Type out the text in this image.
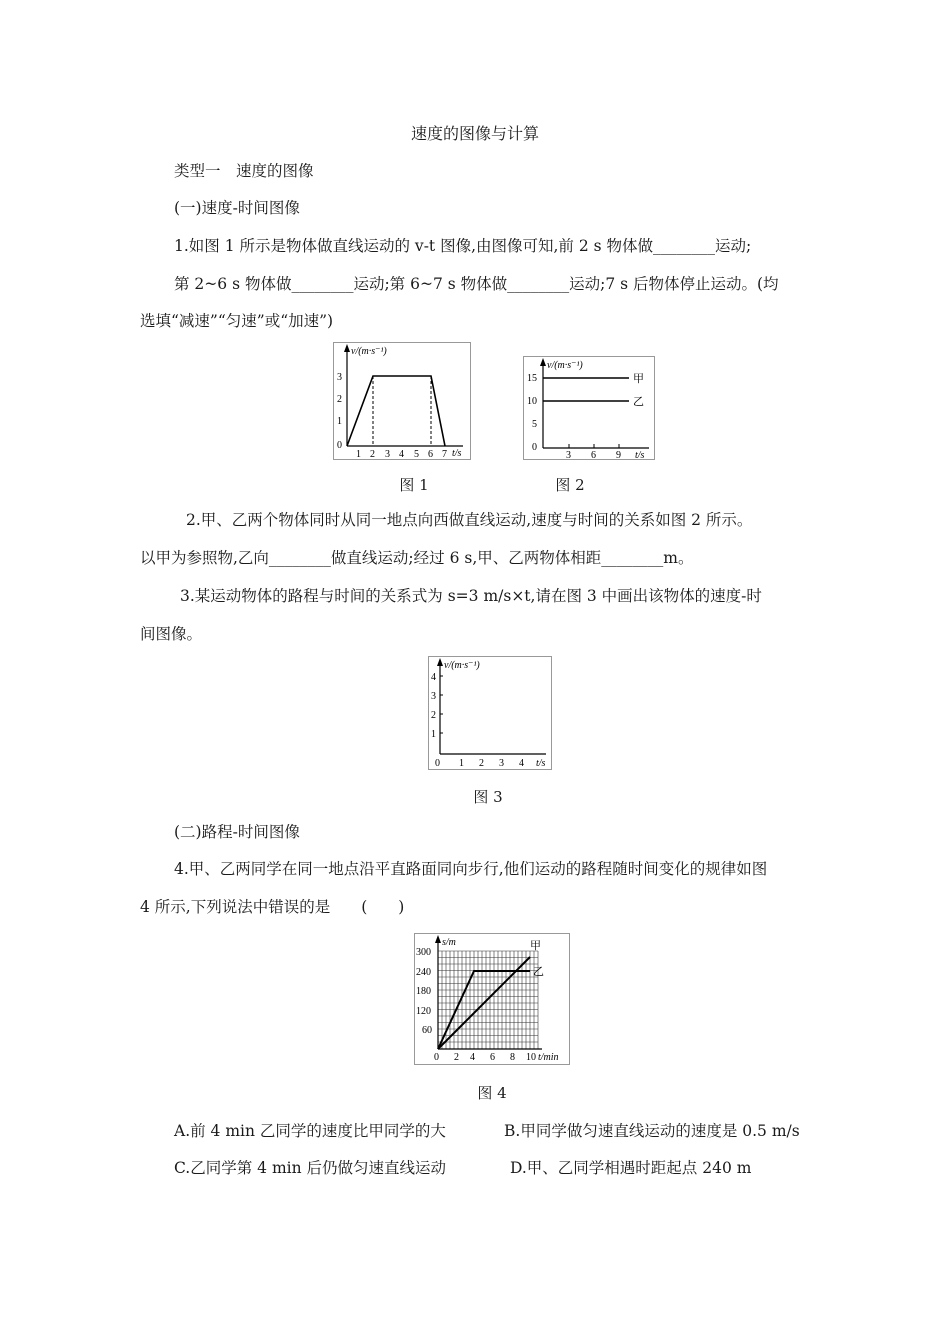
速度的图像与计算
类型一　速度的图像
(一)速度-时间图像
1.如图 1 所示是物体做直线运动的 v-t 图像,由图像可知,前 2 s 物体做________运动;
第 2~6 s 物体做________运动;第 6~7 s 物体做________运动;7 s 后物体停止运动。(均
选填“减速”“匀速”或“加速”)
v/(m·s⁻¹)
t/s
3
2
1
0
1 2 3 4 5 6 7
图 1
v/(m·s⁻¹)
t/s
15
10
5
0
3 6 9
甲
乙
图 2
2.甲、乙两个物体同时从同一地点向西做直线运动,速度与时间的关系如图 2 所示。
以甲为参照物,乙向________做直线运动;经过 6 s,甲、乙两物体相距________m。
3.某运动物体的路程与时间的关系式为 s=3 m/s×t,请在图 3 中画出该物体的速度-时
间图像。
v/(m·s⁻¹)
t/s
4
3
2
1
0 1 2 3 4
图 3
(二)路程-时间图像
4.甲、乙两同学在同一地点沿平直路面同向步行,他们运动的路程随时间变化的规律如图
4 所示,下列说法中错误的是　　(　　)
s/m
t/min
300
240
180
120
60
0 2 4 6 8 10
甲
乙
图 4
A.前 4 min 乙同学的速度比甲同学的大	B.甲同学做匀速直线运动的速度是 0.5 m/s
C.乙同学第 4 min 后仍做匀速直线运动	D.甲、乙同学相遇时距起点 240 m
